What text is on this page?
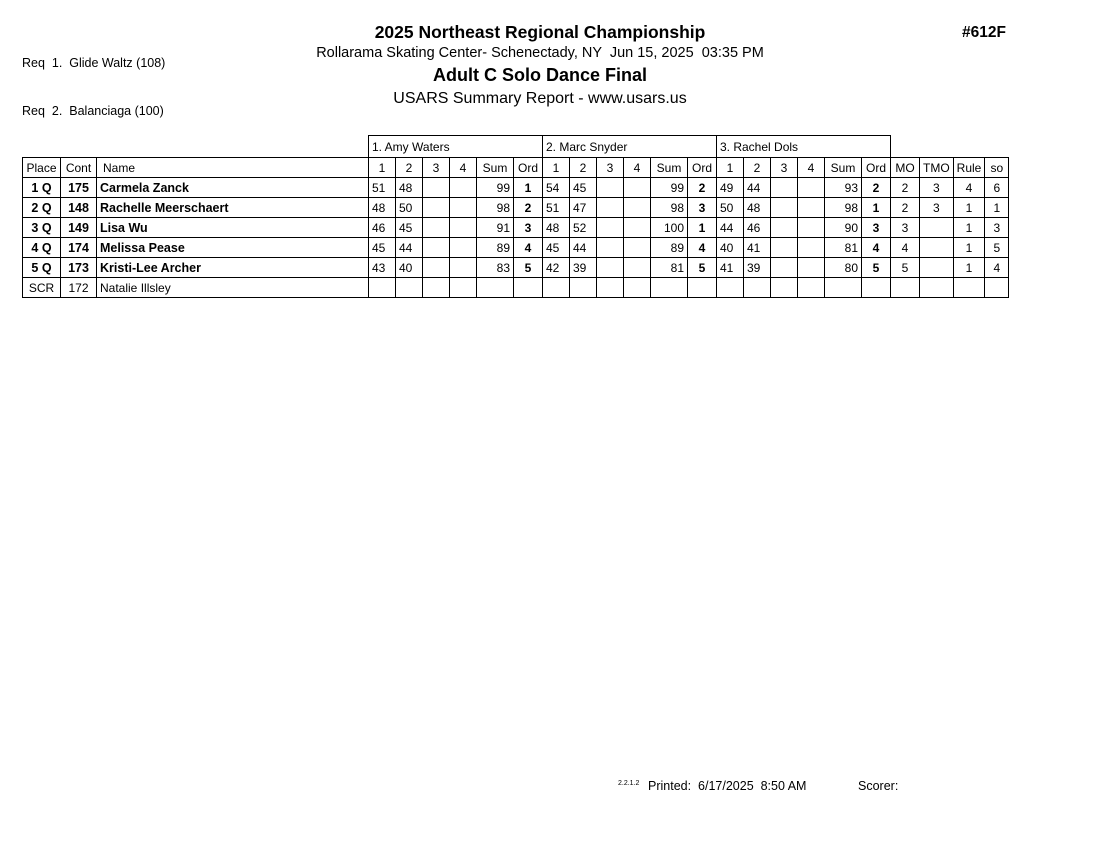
Req  1.  Glide Waltz (108)

Req  2.  Balanciaga (100)

2025 Northeast Regional Championship
Rollarama Skating Center- Schenectady, NY  Jun 15, 2025  03:35 PM
Adult C Solo Dance Final
USARS Summary Report - www.usars.us
#612F
			1. Amy Waters						2. Marc Snyder						3. Rachel Dols									
Place	Cont	Name	1	2	3	4	Sum	Ord	1	2	3	4	Sum	Ord	1	2	3	4	Sum	Ord	MO	TMO	Rule	so
1 Q	175	Carmela Zanck	51	48			99	1	54	45			99	2	49	44			93	2	2	3	4	6
2 Q	148	Rachelle Meerschaert	48	50			98	2	51	47			98	3	50	48			98	1	2	3	1	1
3 Q	149	Lisa Wu	46	45			91	3	48	52			100	1	44	46			90	3	3		1	3
4 Q	174	Melissa Pease	45	44			89	4	45	44			89	4	40	41			81	4	4		1	5
5 Q	173	Kristi-Lee Archer	43	40			83	5	42	39			81	5	41	39			80	5	5		1	4
SCR	172	Natalie Illsley																						
2.2.1.2 Printed: 6/17/2025  8:50 AM	Scorer:
